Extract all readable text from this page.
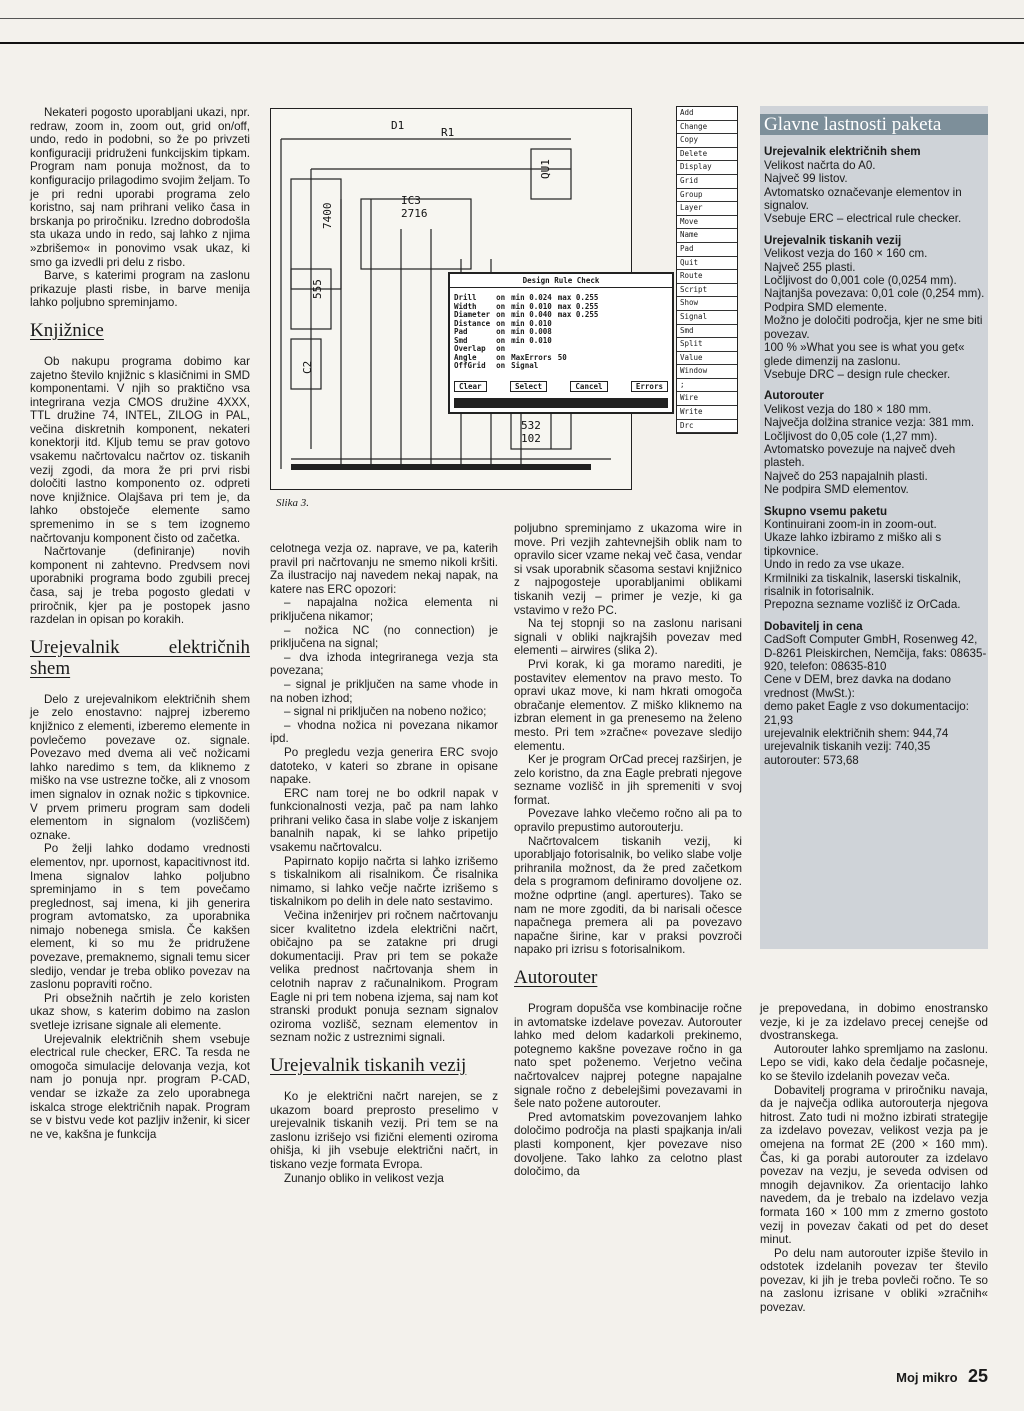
Nekateri pogosto uporabljani ukazi, npr. redraw, zoom in, zoom out, grid on/off, undo, redo in podobni, so že po privzeti konfiguraciji pridruženi funkcijskim tipkam. Program nam ponuja možnost, da to konfiguracijo prilagodimo svojim željam. To je pri redni uporabi programa zelo koristno, saj nam prihrani veliko časa in brskanja po priročniku. Izredno dobrodošla sta ukaza undo in redo, saj lahko z njima »zbrišemo« in ponovimo vsak ukaz, ki smo ga izvedli pri delu z risbo.

Barve, s katerimi program na zaslonu prikazuje plasti risbe, in barve menija lahko poljubno spreminjamo.

Knjižnice

Ob nakupu programa dobimo kar zajetno število knjižnic s klasičnimi in SMD komponentami. V njih so praktično vsa integrirana vezja CMOS družine 4XXX, TTL družine 74, INTEL, ZILOG in PAL, večina diskretnih komponent, nekateri konektorji itd. Kljub temu se prav gotovo vsakemu načrtovalcu načrtov oz. tiskanih vezij zgodi, da mora že pri prvi risbi določiti lastno komponento oz. odpreti nove knjižnice. Olajšava pri tem je, da lahko obstoječe elemente samo spremenimo in se s tem izognemo načrtovanju komponent čisto od začetka.

Načrtovanje (definiranje) novih komponent ni zahtevno. Predvsem novi uporabniki programa bodo zgubili precej časa, saj je treba pogosto gledati v priročnik, kjer pa je postopek jasno razdelan in opisan po korakih.

Urejevalnik električnih shem

Delo z urejevalnikom električnih shem je zelo enostavno: najprej izberemo knjižnico z elementi, izberemo elemente in povlečemo povezave oz. signale. Povezavo med dvema ali več nožicami lahko naredimo s tem, da kliknemo z miško na vse ustrezne točke, ali z vnosom imen signalov in oznak nožic s tipkovnice. V prvem primeru program sam dodeli elementom in signalom (vozliščem) oznake.

Po želji lahko dodamo vrednosti elementov, npr. upornost, kapacitivnost itd. Imena signalov lahko poljubno spreminjamo in s tem povečamo preglednost, saj imena, ki jih generira program avtomatsko, za uporabnika nimajo nobenega smisla. Če kakšen element, ki so mu že pridružene povezave, premaknemo, signali temu sicer sledijo, vendar je treba obliko povezav na zaslonu popraviti ročno.

Pri obsežnih načrtih je zelo koristen ukaz show, s katerim dobimo na zaslon svetleje izrisane signale ali elemente.

Urejevalnik električnih shem vsebuje electrical rule checker, ERC. Ta resda ne omogoča simulacije delovanja vezja, kot nam jo ponuja npr. program P-CAD, vendar se izkaže za zelo uporabnega iskalca stroge električnih napak. Program se v bistvu vede kot pazljiv inženir, ki sicer ne ve, kakšna je funkcija

D1
R1
IC3
2716
7400
555
C2
532
102
QU1
Add
Change
Copy
Delete
Display
Grid
Group
Layer
Move
Name
Pad
Quit
Route
Script
Show
Signal
Smd
Split
Value
Window
;
Wire
Write
Drc
Design Rule Check
Drill	on	min 0.024	max 0.255
Width	on	min 0.010	max 0.255
Diameter	on	min 0.040	max 0.255
Distance	on	min 0.010	
Pad	on	min 0.008	
Smd	on	min 0.010	
Overlap	on		
Angle	on	MaxErrors	50
OffGrid	on	Signal	
Clear	Select	Cancel	Errors
Slika 3.

celotnega vezja oz. naprave, ve pa, katerih pravil pri načrtovanju ne smemo nikoli kršiti. Za ilustracijo naj navedem nekaj napak, na katere nas ERC opozori:

– napajalna nožica elementa ni priključena nikamor;

– nožica NC (no connection) je priključena na signal;

– dva izhoda integriranega vezja sta povezana;

– signal je priključen na same vhode in na noben izhod;

– signal ni priključen na nobeno nožico;

– vhodna nožica ni povezana nikamor ipd.

Po pregledu vezja generira ERC svojo datoteko, v kateri so zbrane in opisane napake.

ERC nam torej ne bo odkril napak v funkcionalnosti vezja, pač pa nam lahko prihrani veliko časa in slabe volje z iskanjem banalnih napak, ki se lahko pripetijo vsakemu načrtovalcu.

Papirnato kopijo načrta si lahko izrišemo s tiskalnikom ali risalnikom. Če risalnika nimamo, si lahko večje načrte izrišemo s tiskalnikom po delih in dele nato sestavimo.

Večina inženirjev pri ročnem načrtovanju sicer kvalitetno izdela električni načrt, običajno pa se zatakne pri drugi dokumentaciji. Prav pri tem se pokaže velika prednost načrtovanja shem in celotnih naprav z računalnikom. Program Eagle ni pri tem nobena izjema, saj nam kot stranski produkt ponuja seznam signalov oziroma vozlišč, seznam elementov in seznam nožic z ustreznimi signali.

Urejevalnik tiskanih vezij

Ko je električni načrt narejen, se z ukazom board preprosto preselimo v urejevalnik tiskanih vezij. Pri tem se na zaslonu izrišejo vsi fizični elementi oziroma ohišja, ki jih vsebuje električni načrt, in tiskano vezje formata Evropa.

Zunanjo obliko in velikost vezja

poljubno spreminjamo z ukazoma wire in move. Pri vezjih zahtevnejših oblik nam to opravilo sicer vzame nekaj več časa, vendar si vsak uporabnik sčasoma sestavi knjižnico z najpogosteje uporabljanimi oblikami tiskanih vezij – primer je vezje, ki ga vstavimo v režo PC.

Na tej stopnji so na zaslonu narisani signali v obliki najkrajših povezav med elementi – airwires (slika 2).

Prvi korak, ki ga moramo narediti, je postavitev elementov na pravo mesto. To opravi ukaz move, ki nam hkrati omogoča obračanje elementov. Z miško kliknemo na izbran element in ga prenesemo na želeno mesto. Pri tem »zračne« povezave sledijo elementu.

Ker je program OrCad precej razširjen, je zelo koristno, da zna Eagle prebrati njegove seznamе vozlišč in jih spremeniti v svoj format.

Povezave lahko vlečemo ročno ali pa to opravilo prepustimo autorouterju.

Načrtovalcem tiskanih vezij, ki uporabljajo fotorisalnik, bo veliko slabe volje prihranila možnost, da že pred začetkom dela s programom definiramo dovoljene oz. možne odprtine (angl. apertures). Tako se nam ne more zgoditi, da bi narisali očesce napačnega premera ali pa povezavo napačne širine, kar v praksi povzroči napako pri izrisu s fotorisalnikom.

Autorouter

Program dopušča vse kombinacije ročne in avtomatske izdelave povezav. Autorouter lahko med delom kadarkoli prekinemo, potegnemo kakšne povezave ročno in ga nato spet poženemo. Verjetno večina načrtovalcev najprej potegne napajalne signale ročno z debelejšimi povezavami in šele nato požene autorouter.

Pred avtomatskim povezovanjem lahko določimo področja na plasti spajkanja in/ali plasti komponent, kjer povezave niso dovoljene. Tako lahko za celotno plast določimo, da

Glavne lastnosti paketa
Urejevalnik električnih shem
Velikost načrta do A0.
Največ 99 listov.
Avtomatsko označevanje elementov in signalov.
Vsebuje ERC – electrical rule checker.
Urejevalnik tiskanih vezij
Velikost vezja do 160 × 160 cm.
Največ 255 plasti.
Ločljivost do 0,001 cole (0,0254 mm).
Najtanjša povezava: 0,01 cole (0,254 mm).
Podpira SMD elemente.
Možno je določiti področja, kjer ne sme biti povezav.
100 % »What you see is what you get« glede dimenzij na zaslonu.
Vsebuje DRC – design rule checker.
Autorouter
Velikost vezja do 180 × 180 mm.
Največja dolžina stranice vezja: 381 mm.
Ločljivost do 0,05 cole (1,27 mm).
Avtomatsko povezuje na največ dveh plasteh.
Največ do 253 napajalnih plasti.
Ne podpira SMD elementov.
Skupno vsemu paketu
Kontinuirani zoom-in in zoom-out.
Ukaze lahko izbiramo z miško ali s tipkovnice.
Undo in redo za vse ukaze.
Krmilniki za tiskalnik, laserski tiskalnik, risalnik in fotorisalnik.
Prepozna sezname vozlišč iz OrCada.
Dobavitelj in cena
CadSoft Computer GmbH, Rosenweg 42, D-8261 Pleiskirchen, Nemčija, faks: 08635-920, telefon: 08635-810
Cene v DEM, brez davka na dodano vrednost (MwSt.):
demo paket Eagle z vso dokumentacijo: 21,93
urejevalnik električnih shem: 944,74
urejevalnik tiskanih vezij: 740,35
autorouter: 573,68

je prepovedana, in dobimo enostransko vezje, ki je za izdelavo precej cenejše od dvostranskega.

Autorouter lahko spremljamo na zaslonu. Lepo se vidi, kako dela čedalje počasneje, ko se število izdelanih povezav veča.

Dobavitelj programa v priročniku navaja, da je največja odlika autorouterja njegova hitrost. Zato tudi ni možno izbirati strategije za izdelavo povezav, velikost vezja pa je omejena na format 2E (200 × 160 mm). Čas, ki ga porabi autorouter za izdelavo povezav na vezju, je seveda odvisen od mnogih dejavnikov. Za orientacijo lahko navedem, da je trebalo na izdelavo vezja formata 160 × 100 mm z zmerno gostoto vezij in povezav čakati od pet do deset minut.

Po delu nam autorouter izpiše število in odstotek izdelanih povezav ter število povezav, ki jih je treba povleči ročno. Te so na zaslonu izrisane v obliki »zračnih« povezav.

Moj mikro 25
